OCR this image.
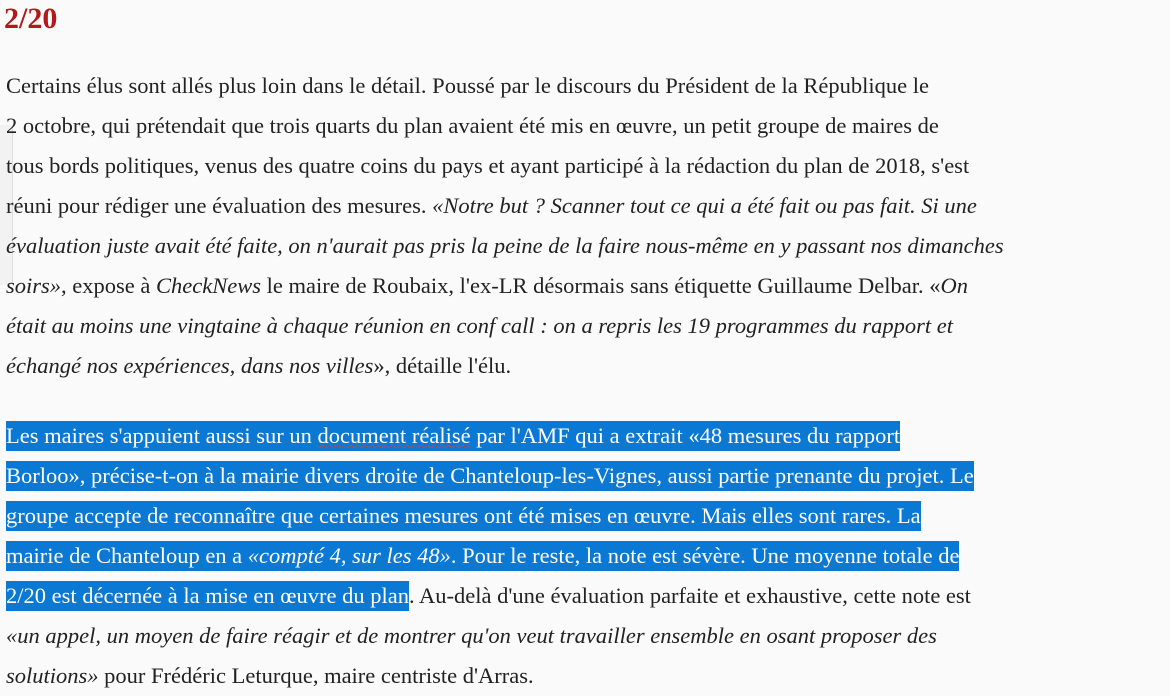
2/20

Certains élus sont allés plus loin dans le détail. Poussé par le discours du Président de la République le
2 octobre, qui prétendait que trois quarts du plan avaient été mis en œuvre, un petit groupe de maires de
tous bords politiques, venus des quatre coins du pays et ayant participé à la rédaction du plan de 2018, s'est
réuni pour rédiger une évaluation des mesures. «Notre but ? Scanner tout ce qui a été fait ou pas fait. Si une
évaluation juste avait été faite, on n'aurait pas pris la peine de la faire nous-même en y passant nos dimanches
soirs», expose à CheckNews le maire de Roubaix, l'ex-LR désormais sans étiquette Guillaume Delbar. «On
était au moins une vingtaine à chaque réunion en conf call : on a repris les 19 programmes du rapport et
échangé nos expériences, dans nos villes», détaille l'élu.

Les maires s'appuient aussi sur un document réalisé par l'AMF qui a extrait «48 mesures du rapport
Borloo», précise-t-on à la mairie divers droite de Chanteloup-les-Vignes, aussi partie prenante du projet. Le
groupe accepte de reconnaître que certaines mesures ont été mises en œuvre. Mais elles sont rares. La
mairie de Chanteloup en a «compté 4, sur les 48». Pour le reste, la note est sévère. Une moyenne totale de
2/20 est décernée à la mise en œuvre du plan. Au-delà d'une évaluation parfaite et exhaustive, cette note est
«un appel, un moyen de faire réagir et de montrer qu'on veut travailler ensemble en osant proposer des
solutions» pour Frédéric Leturque, maire centriste d'Arras.
